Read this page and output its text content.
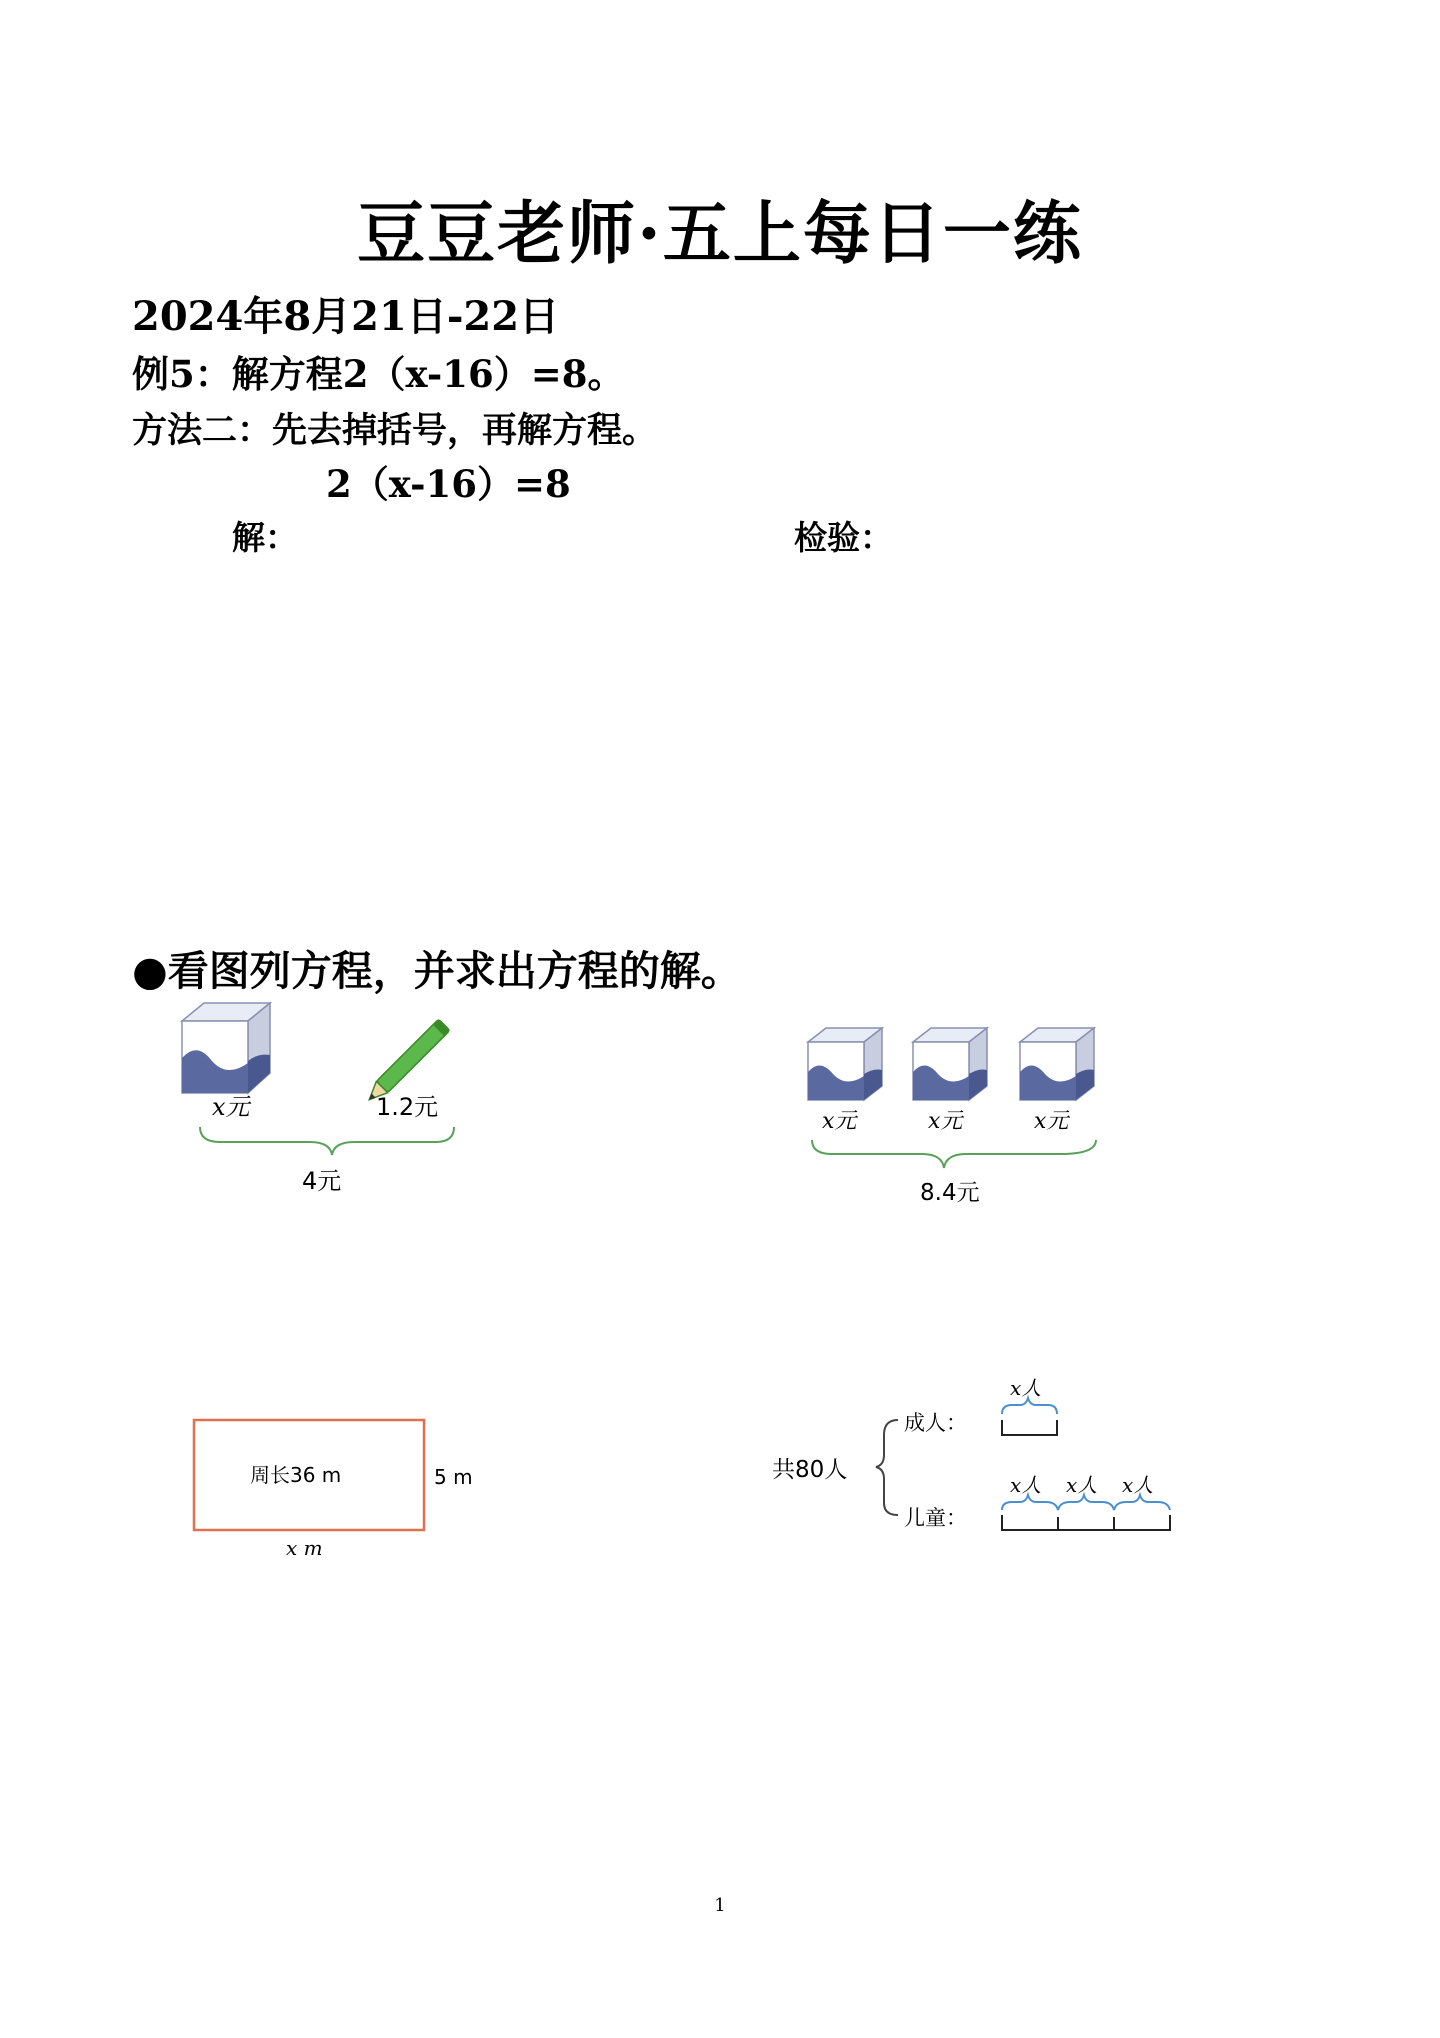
豆豆老师·五上每日一练
2024年8月21日-22日
例5：解方程2（x-16）=8。
方法二：先去掉括号，再解方程。
2（x-16）=8
解：	检验：
●看图列方程，并求出方程的解。
x元	1.2元
4元
x元	x元	x元
8.4元
周长36 m	5 m
x m
共80人
成人：
儿童：
x人
x人 x人 x人
1
